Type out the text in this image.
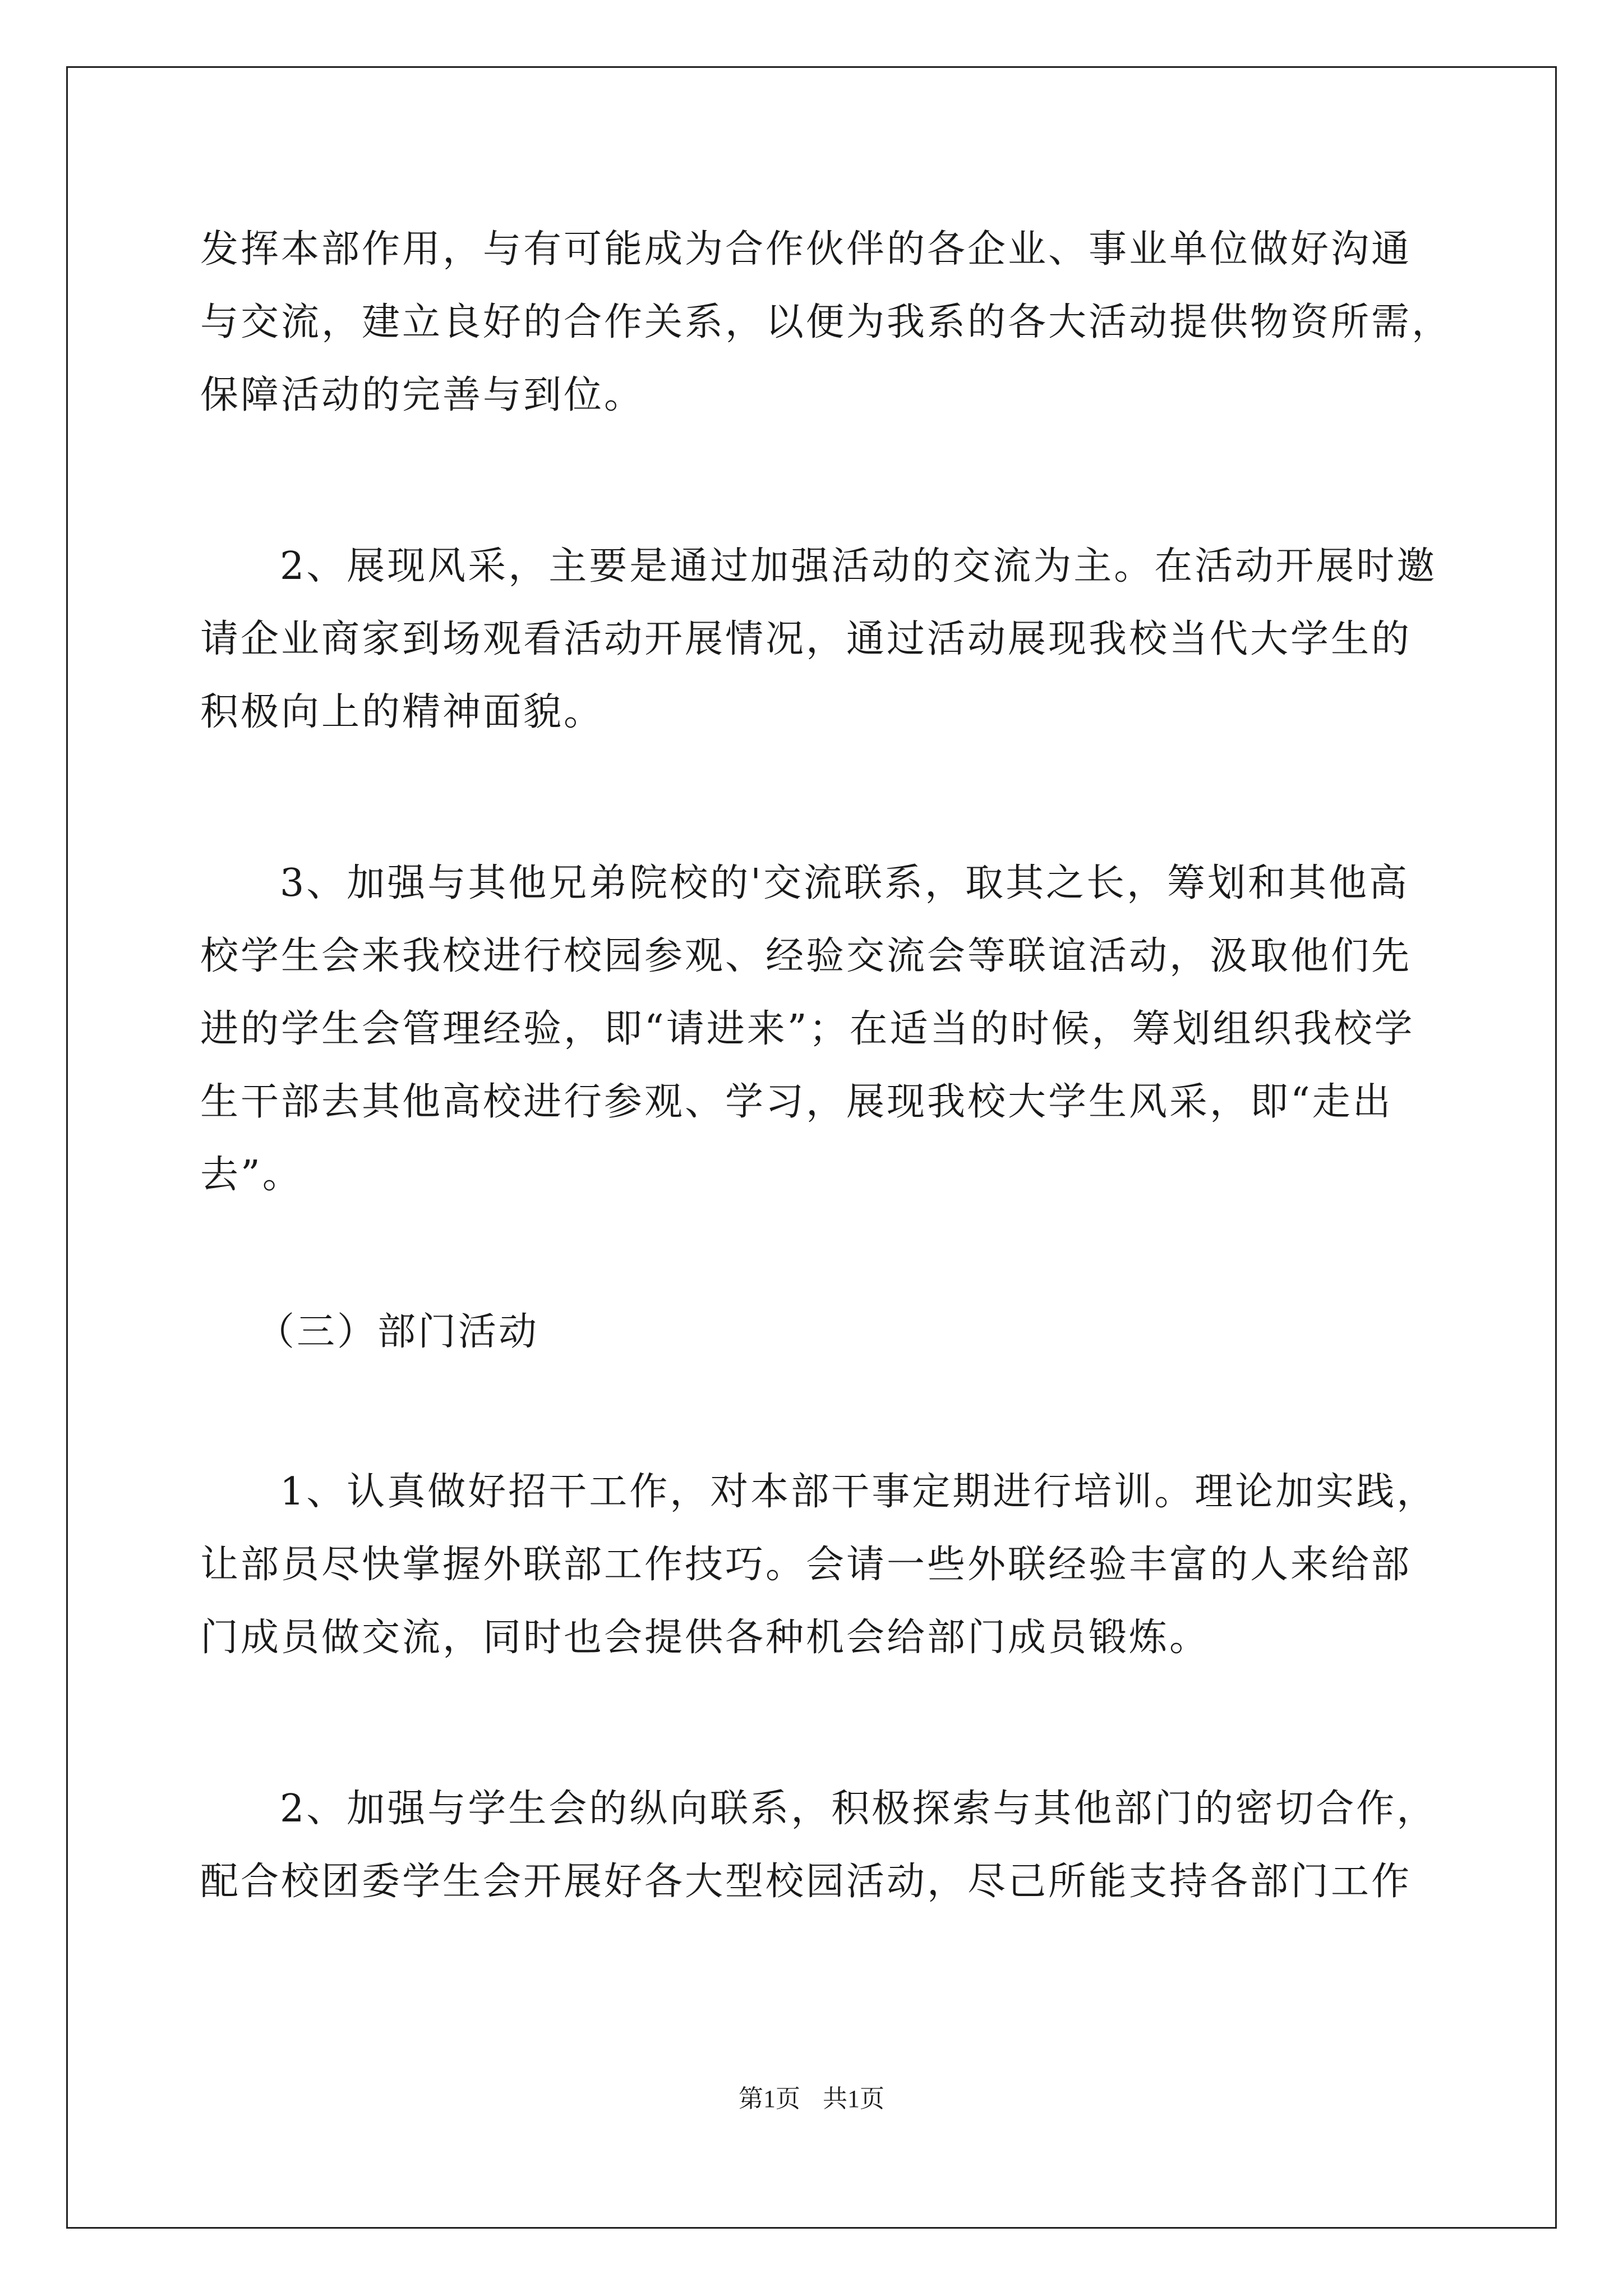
发挥本部作用，与有可能成为合作伙伴的各企业、事业单位做好沟通
与交流，建立良好的合作关系，以便为我系的各大活动提供物资所需，
保障活动的完善与到位。
2、展现风采，主要是通过加强活动的交流为主。在活动开展时邀
请企业商家到场观看活动开展情况，通过活动展现我校当代大学生的
积极向上的精神面貌。
3、加强与其他兄弟院校的'交流联系，取其之长，筹划和其他高
校学生会来我校进行校园参观、经验交流会等联谊活动，汲取他们先
进的学生会管理经验，即“请进来”；在适当的时候，筹划组织我校学
生干部去其他高校进行参观、学习，展现我校大学生风采，即“走出
去”。
（三）部门活动
1、认真做好招干工作，对本部干事定期进行培训。理论加实践，
让部员尽快掌握外联部工作技巧。会请一些外联经验丰富的人来给部
门成员做交流，同时也会提供各种机会给部门成员锻炼。
2、加强与学生会的纵向联系，积极探索与其他部门的密切合作，
配合校团委学生会开展好各大型校园活动，尽己所能支持各部门工作
第1页 共1页
